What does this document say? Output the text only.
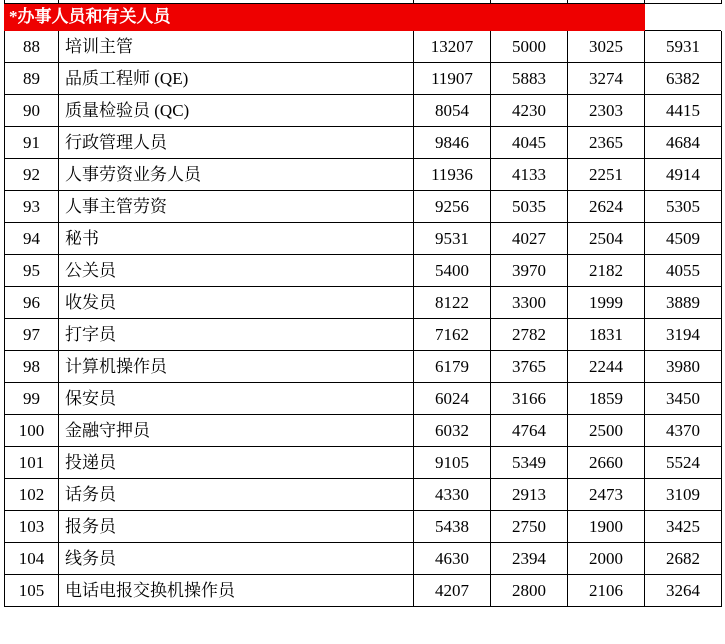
*办事人员和有关人员					
88	培训主管	13207	5000	3025	5931
89	品质工程师 (QE)	11907	5883	3274	6382
90	质量检验员 (QC)	8054	4230	2303	4415
91	行政管理人员	9846	4045	2365	4684
92	人事劳资业务人员	11936	4133	2251	4914
93	人事主管劳资	9256	5035	2624	5305
94	秘书	9531	4027	2504	4509
95	公关员	5400	3970	2182	4055
96	收发员	8122	3300	1999	3889
97	打字员	7162	2782	1831	3194
98	计算机操作员	6179	3765	2244	3980
99	保安员	6024	3166	1859	3450
100	金融守押员	6032	4764	2500	4370
101	投递员	9105	5349	2660	5524
102	话务员	4330	2913	2473	3109
103	报务员	5438	2750	1900	3425
104	线务员	4630	2394	2000	2682
105	电话电报交换机操作员	4207	2800	2106	3264
